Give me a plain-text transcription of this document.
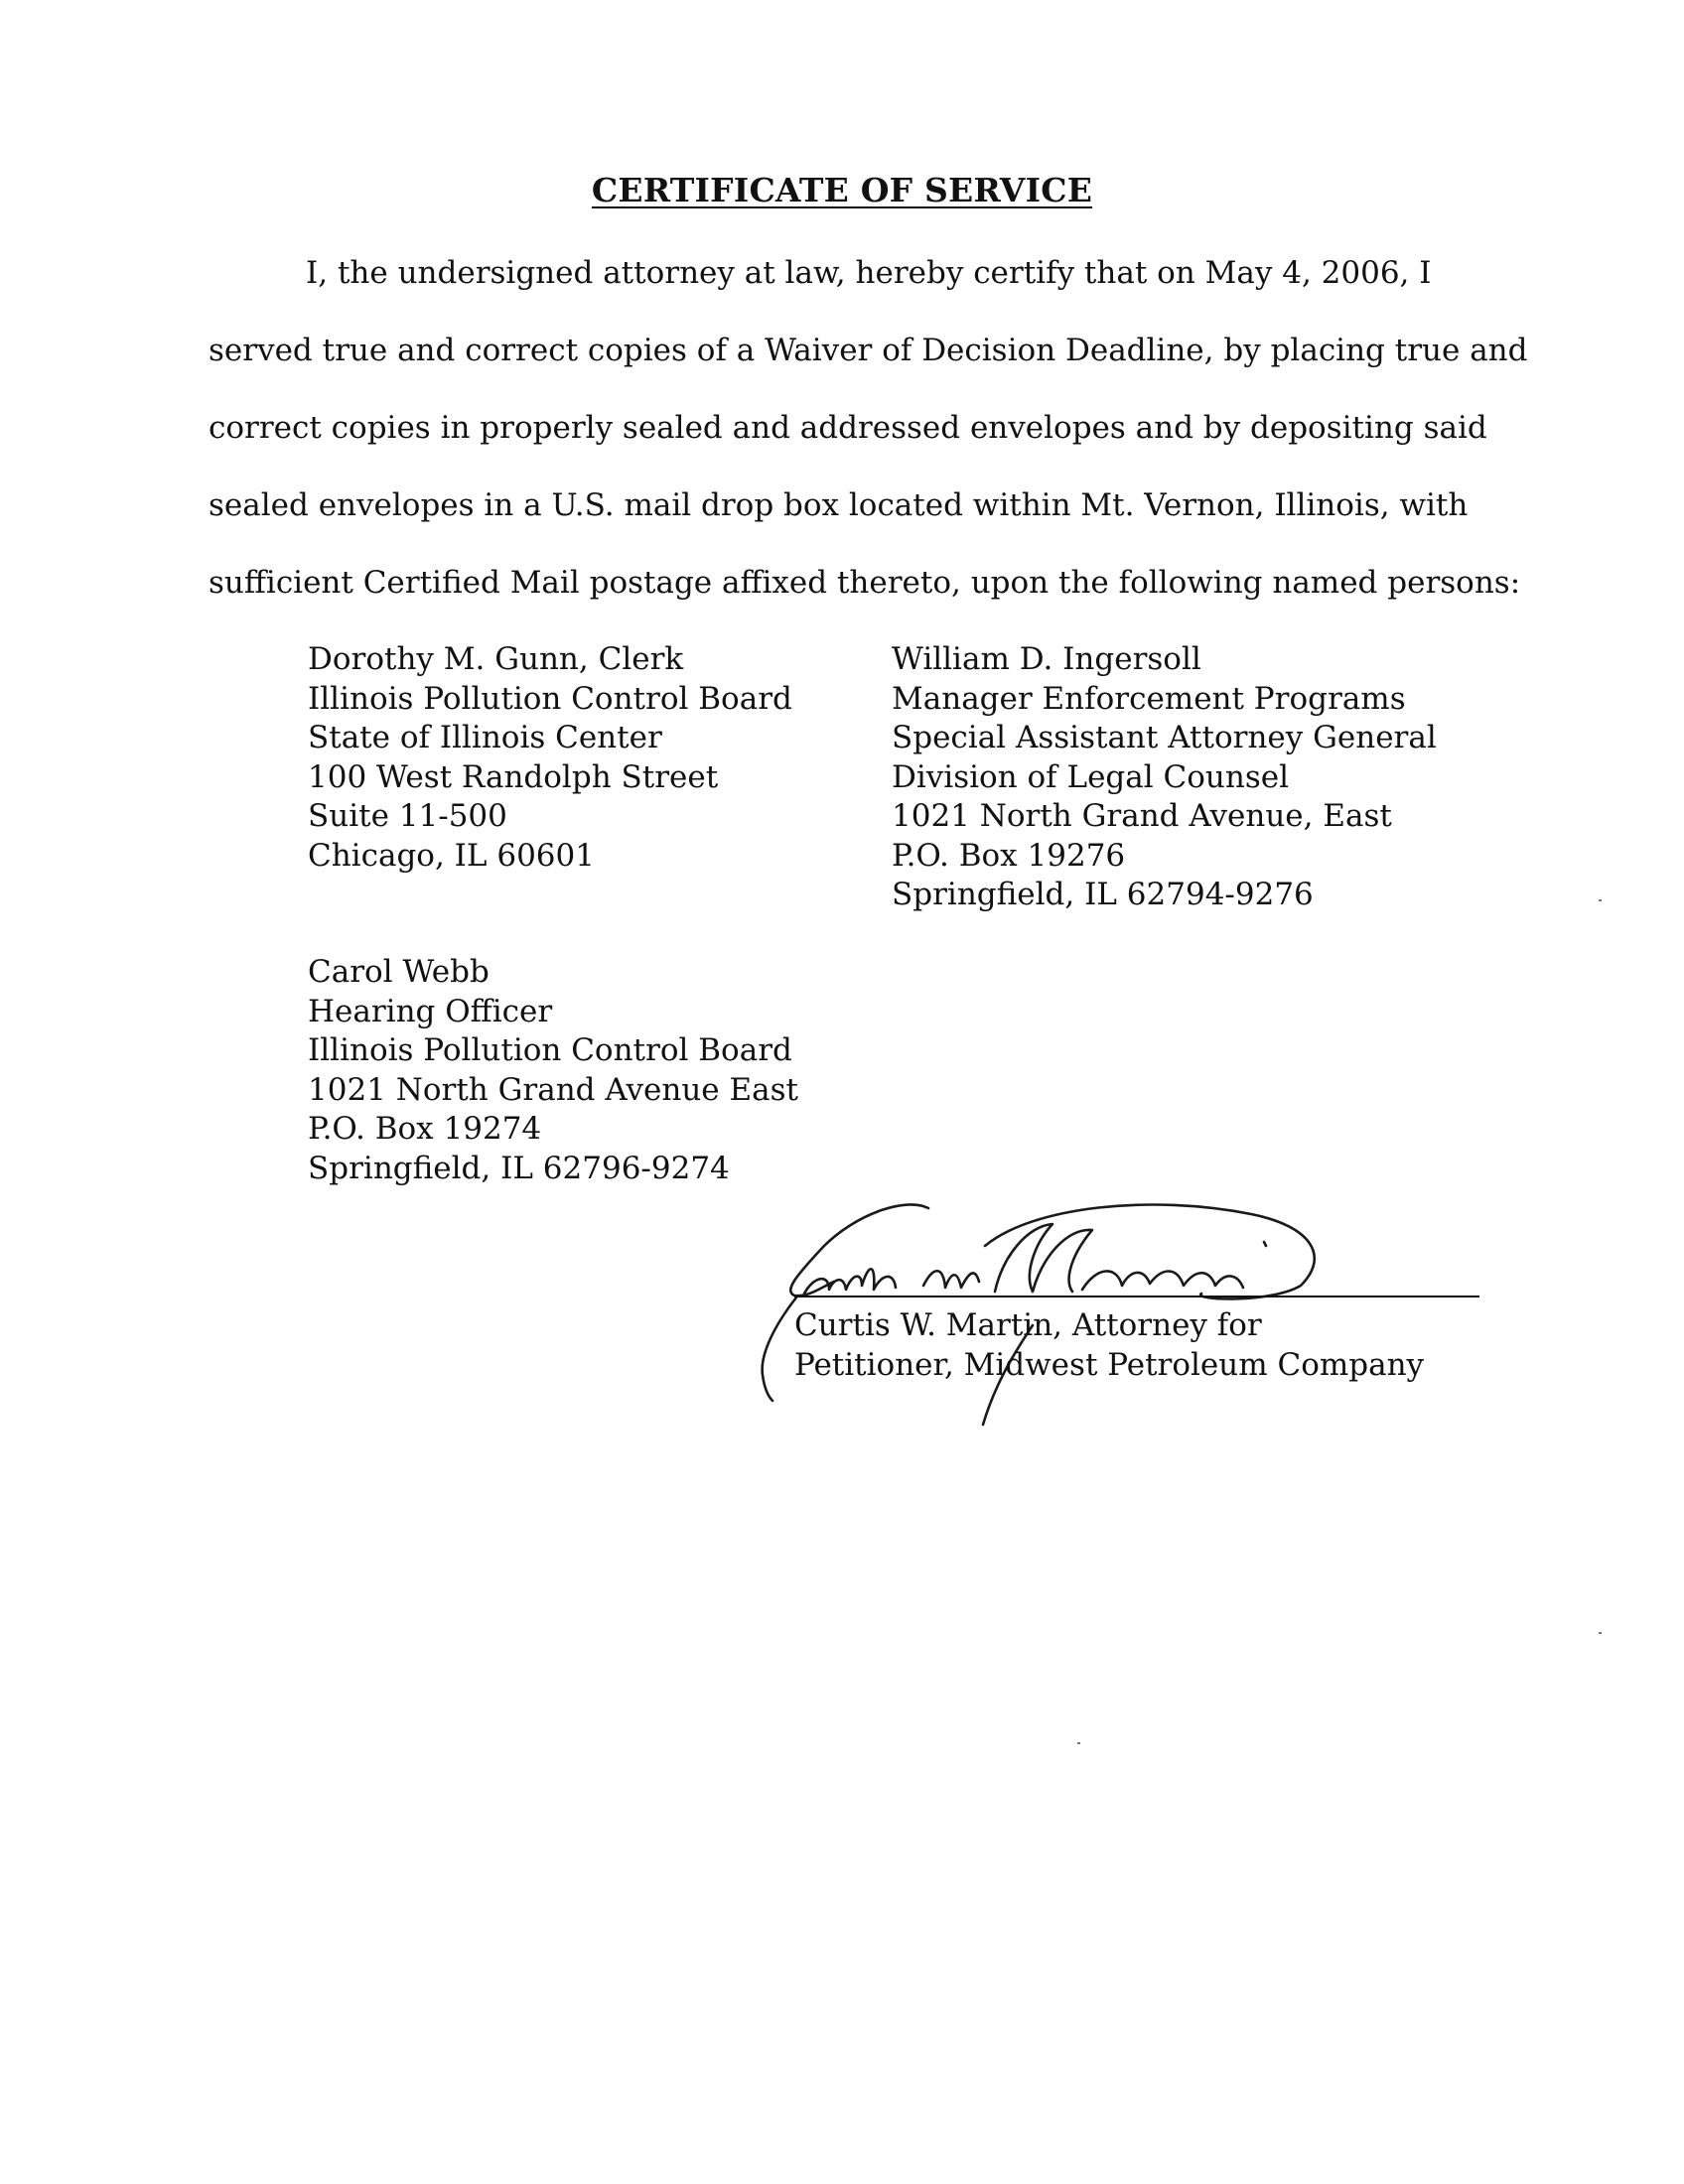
CERTIFICATE OF SERVICE
I, the undersigned attorney at law, hereby certify that on May 4, 2006, I
served true and correct copies of a Waiver of Decision Deadline, by placing true and
correct copies in properly sealed and addressed envelopes and by depositing said
sealed envelopes in a U.S. mail drop box located within Mt. Vernon, Illinois, with
sufficient Certified Mail postage affixed thereto, upon the following named persons:
Dorothy M. Gunn, Clerk
Illinois Pollution Control Board
State of Illinois Center
100 West Randolph Street
Suite 11-500
Chicago, IL 60601
William D. Ingersoll
Manager Enforcement Programs
Special Assistant Attorney General
Division of Legal Counsel
1021 North Grand Avenue, East
P.O. Box 19276
Springfield, IL 62794-9276
Carol Webb
Hearing Officer
Illinois Pollution Control Board
1021 North Grand Avenue East
P.O. Box 19274
Springfield, IL 62796-9274
Curtis W. Martin, Attorney for
Petitioner, Midwest Petroleum Company
